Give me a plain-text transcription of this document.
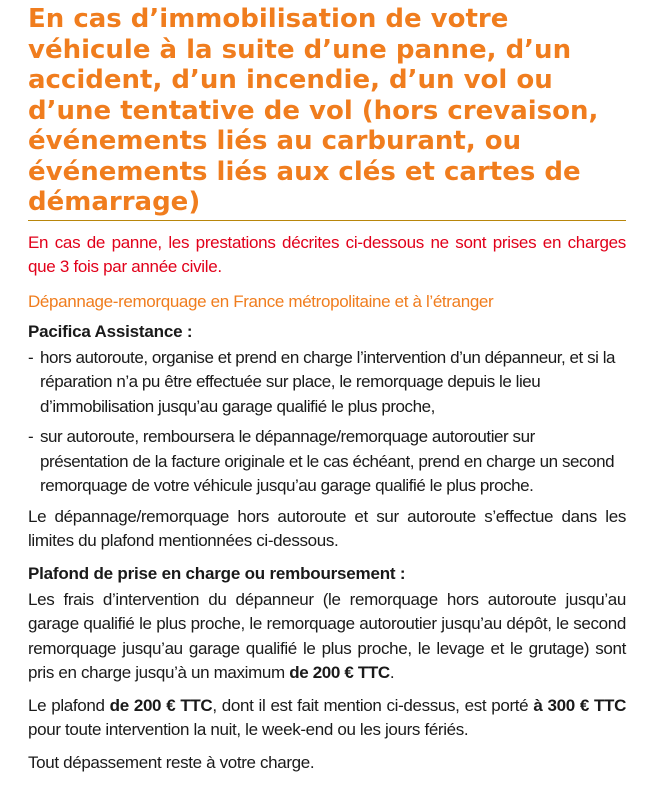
En cas d’immobilisation de votre véhicule à la suite d’une panne, d’un accident, d’un incendie, d’un vol ou d’une tentative de vol (hors crevaison, événements liés au carburant, ou événements liés aux clés et cartes de démarrage)

En cas de panne, les prestations décrites ci-dessous ne sont prises en charges que 3 fois par année civile.

Dépannage-remorquage en France métropolitaine et à l’étranger

Pacifica Assistance :

- hors autoroute, organise et prend en charge l’intervention d’un dépanneur, et si la réparation n’a pu être effectuée sur place, le remorquage depuis le lieu d’immobilisation jusqu’au garage qualifié le plus proche,
- sur autoroute, remboursera le dépannage/remorquage autoroutier sur présentation de la facture originale et le cas échéant, prend en charge un second remorquage de votre véhicule jusqu’au garage qualifié le plus proche.

Le dépannage/remorquage hors autoroute et sur autoroute s’effectue dans les limites du plafond mentionnées ci-dessous.

Plafond de prise en charge ou remboursement :

Les frais d’intervention du dépanneur (le remorquage hors autoroute jusqu’au garage qualifié le plus proche, le remorquage autoroutier jusqu’au dépôt, le second remorquage jusqu’au garage qualifié le plus proche, le levage et le grutage) sont pris en charge jusqu’à un maximum de 200 € TTC.

Le plafond de 200 € TTC, dont il est fait mention ci-dessus, est porté à 300 € TTC pour toute intervention la nuit, le week-end ou les jours fériés.

Tout dépassement reste à votre charge.
